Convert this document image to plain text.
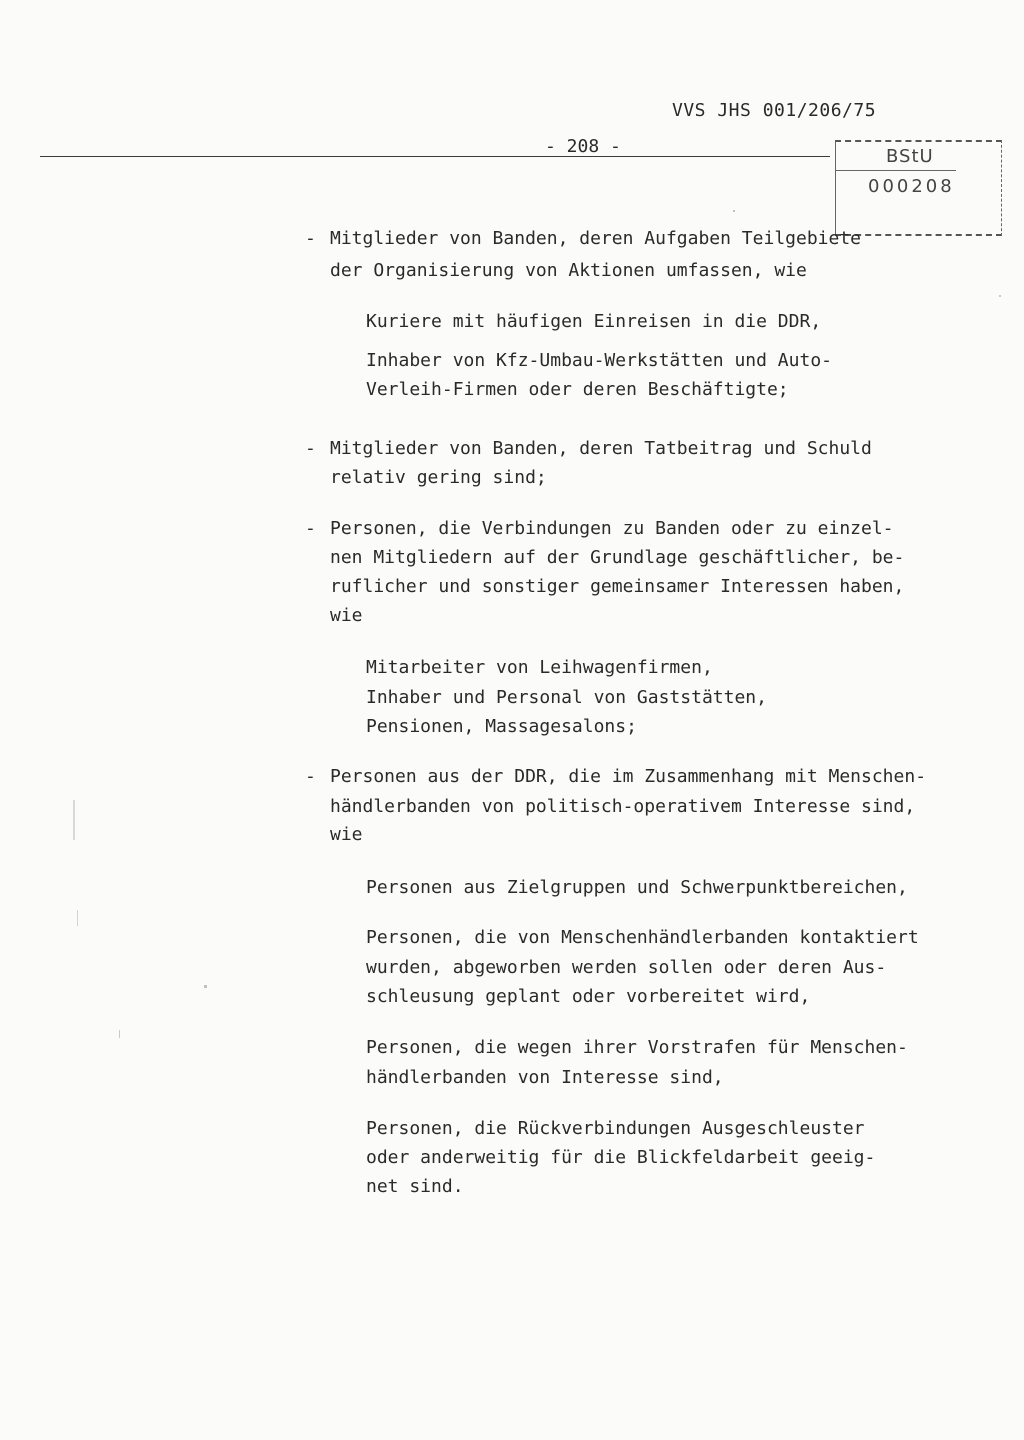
VVS JHS 001/206/75
- 208 -	BStU
000208
- Mitglieder von Banden, deren Aufgaben Teilgebiete
der Organisierung von Aktionen umfassen, wie
Kuriere mit häufigen Einreisen in die DDR,
Inhaber von Kfz-Umbau-Werkstätten und Auto-
Verleih-Firmen oder deren Beschäftigte;
- Mitglieder von Banden, deren Tatbeitrag und Schuld
relativ gering sind;
- Personen, die Verbindungen zu Banden oder zu einzel-
nen Mitgliedern auf der Grundlage geschäftlicher, be-
ruflicher und sonstiger gemeinsamer Interessen haben,
wie
Mitarbeiter von Leihwagenfirmen,
Inhaber und Personal von Gaststätten,
Pensionen, Massagesalons;
- Personen aus der DDR, die im Zusammenhang mit Menschen-
händlerbanden von politisch-operativem Interesse sind,
wie
Personen aus Zielgruppen und Schwerpunktbereichen,
Personen, die von Menschenhändlerbanden kontaktiert
wurden, abgeworben werden sollen oder deren Aus-
schleusung geplant oder vorbereitet wird,
Personen, die wegen ihrer Vorstrafen für Menschen-
händlerbanden von Interesse sind,
Personen, die Rückverbindungen Ausgeschleuster
oder anderweitig für die Blickfeldarbeit geeig-
net sind.
